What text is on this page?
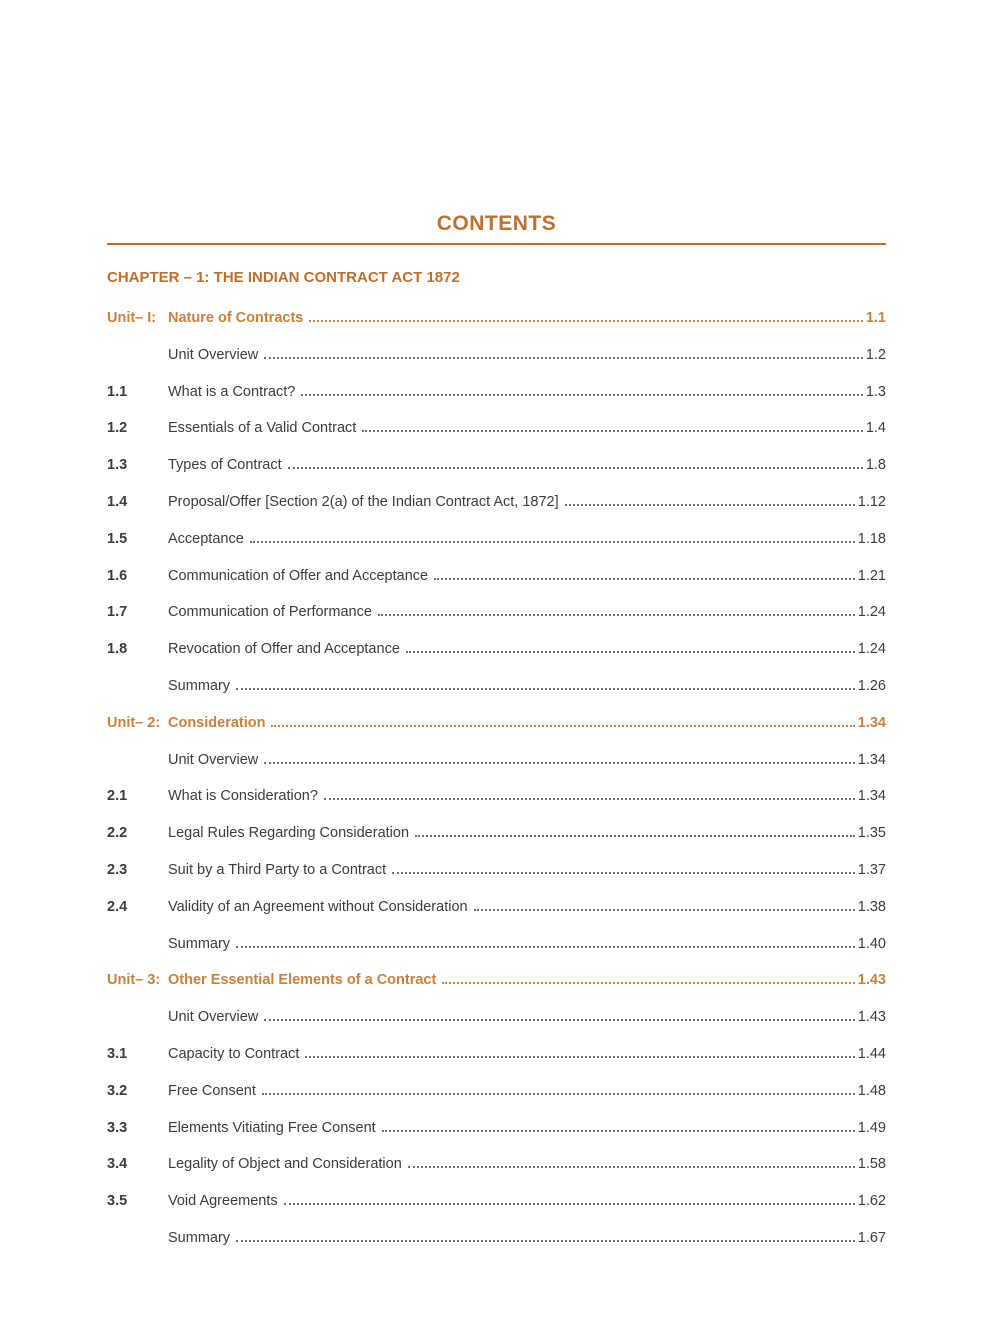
CONTENTS
CHAPTER – 1: THE INDIAN CONTRACT ACT 1872
Unit– I: Nature of Contracts	1.1
Unit Overview	1.2
1.1	What is a Contract?	1.3
1.2	Essentials of a Valid Contract	1.4
1.3	Types of Contract	1.8
1.4	Proposal/Offer [Section 2(a) of the Indian Contract Act, 1872]	1.12
1.5	Acceptance	1.18
1.6	Communication of Offer and Acceptance	1.21
1.7	Communication of Performance	1.24
1.8	Revocation of Offer and Acceptance	1.24
Summary	1.26
Unit– 2: Consideration	1.34
Unit Overview	1.34
2.1	What is Consideration?	1.34
2.2	Legal Rules Regarding Consideration	1.35
2.3	Suit by a Third Party to a Contract	1.37
2.4	Validity of an Agreement without Consideration	1.38
Summary	1.40
Unit– 3: Other Essential Elements of a Contract	1.43
Unit Overview	1.43
3.1	Capacity to Contract	1.44
3.2	Free Consent	1.48
3.3	Elements Vitiating Free Consent	1.49
3.4	Legality of Object and Consideration	1.58
3.5	Void Agreements	1.62
Summary	1.67
